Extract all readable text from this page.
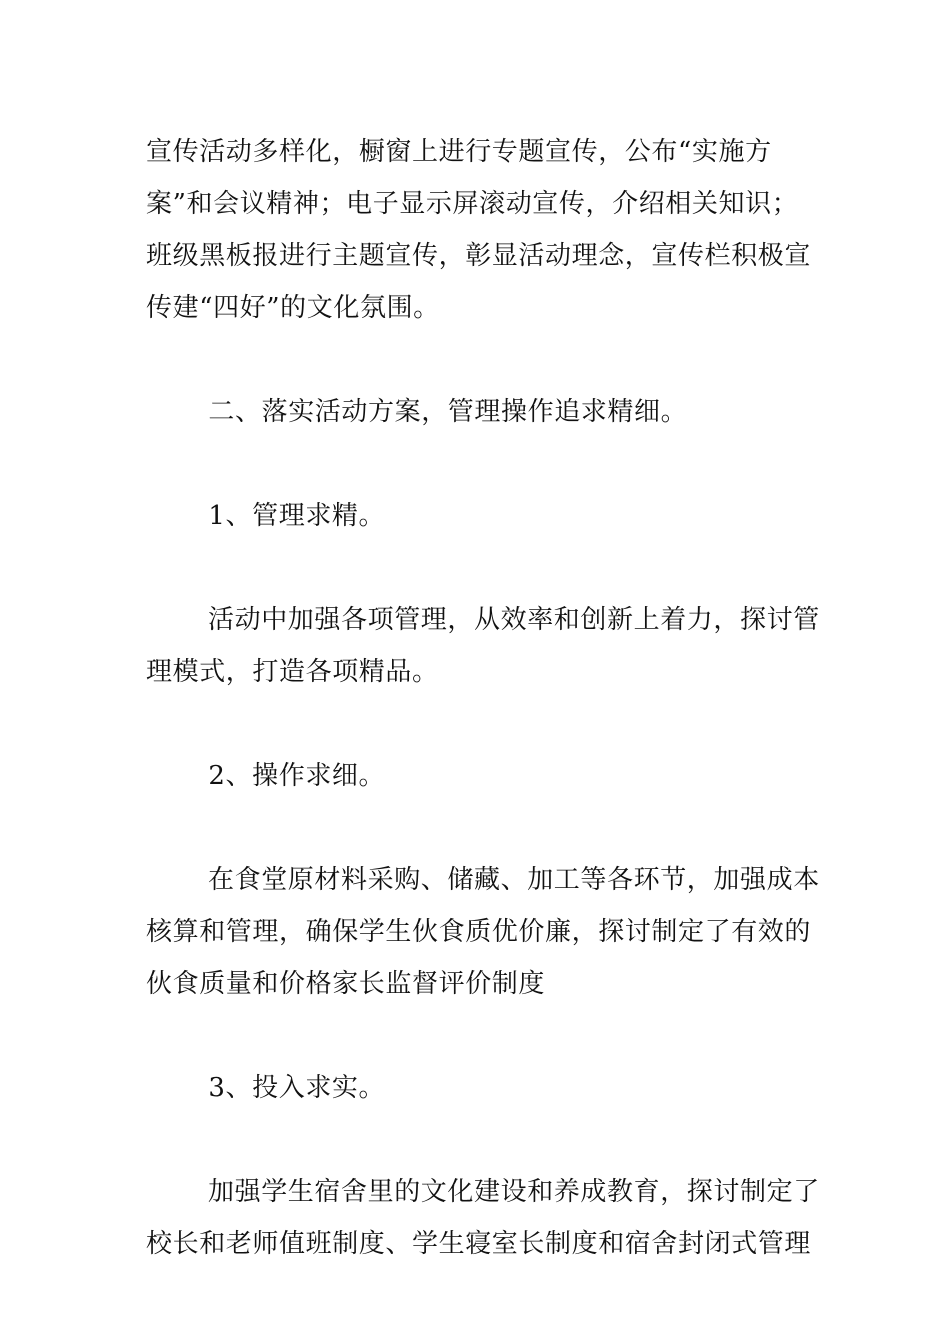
宣传活动多样化，橱窗上进行专题宣传，公布“实施方
案”和会议精神；电子显示屏滚动宣传，介绍相关知识；
班级黑板报进行主题宣传，彰显活动理念，宣传栏积极宣
传建“四好”的文化氛围。
二、落实活动方案，管理操作追求精细。
1、管理求精。
活动中加强各项管理，从效率和创新上着力，探讨管
理模式，打造各项精品。
2、操作求细。
在食堂原材料采购、储藏、加工等各环节，加强成本
核算和管理，确保学生伙食质优价廉，探讨制定了有效的
伙食质量和价格家长监督评价制度
3、投入求实。
加强学生宿舍里的文化建设和养成教育，探讨制定了
校长和老师值班制度、学生寝室长制度和宿舍封闭式管理
